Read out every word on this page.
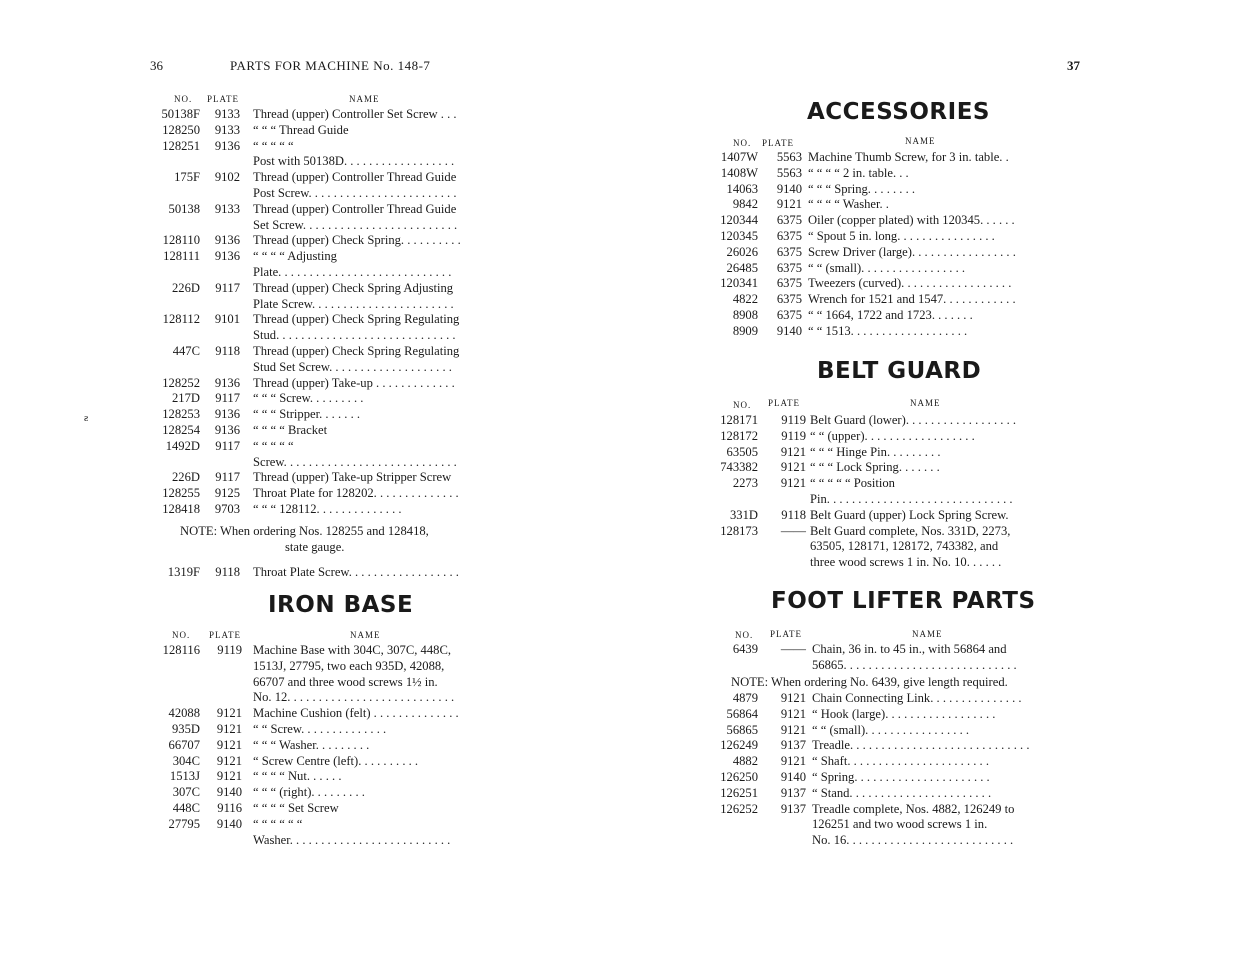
36	PARTS FOR MACHINE No. 148-7
NO. PLATE	NAME
50138F	9133 Thread (upper) Controller Set Screw . . .
128250	9133 “ “ “ Thread Guide
128251	9136 “ “ “ “ “
Post with 50138D. . . . . . . . . . . . . . . . . .
175F	9102 Thread (upper) Controller Thread Guide
Post Screw. . . . . . . . . . . . . . . . . . . . . . . .
50138	9133 Thread (upper) Controller Thread Guide
Set Screw. . . . . . . . . . . . . . . . . . . . . . . . .
128110	9136 Thread (upper) Check Spring. . . . . . . . . .
128111	9136 “ “ “ “ Adjusting
Plate. . . . . . . . . . . . . . . . . . . . . . . . . . . .
226D	9117 Thread (upper) Check Spring Adjusting
Plate Screw. . . . . . . . . . . . . . . . . . . . . . .
128112	9101 Thread (upper) Check Spring Regulating
Stud. . . . . . . . . . . . . . . . . . . . . . . . . . . . .
447C	9118 Thread (upper) Check Spring Regulating
Stud Set Screw. . . . . . . . . . . . . . . . . . . .
128252	9136 Thread (upper) Take-up . . . . . . . . . . . . .
217D	9117 “ “ “ Screw. . . . . . . . .
128253	9136 “ “ “ Stripper. . . . . . .
128254	9136 “ “ “ “ Bracket
1492D	9117 “ “ “ “ “
Screw. . . . . . . . . . . . . . . . . . . . . . . . . . . .
226D	9117 Thread (upper) Take-up Stripper Screw
128255	9125 Throat Plate for 128202. . . . . . . . . . . . . .
128418	9703 “ “ “ 128112. . . . . . . . . . . . . .
NOTE: When ordering Nos. 128255 and 128418,
state gauge.
1319F	9118 Throat Plate Screw. . . . . . . . . . . . . . . . . .
IRON BASE
NO. PLATE	NAME
128116	9119 Machine Base with 304C, 307C, 448C,
1513J, 27795, two each 935D, 42088,
66707 and three wood screws 1½ in.
No. 12. . . . . . . . . . . . . . . . . . . . . . . . . . .
42088	9121 Machine Cushion (felt) . . . . . . . . . . . . . .
935D	9121 “ “ Screw. . . . . . . . . . . . . .
66707	9121 “ “ “ Washer. . . . . . . . .
304C	9121 “ Screw Centre (left). . . . . . . . . .
1513J	9121 “ “ “ “ Nut. . . . . .
307C	9140 “ “ “ (right). . . . . . . . .
448C	9116 “ “ “ “ Set Screw
27795	9140 “ “ “ “ “ “
Washer. . . . . . . . . . . . . . . . . . . . . . . . . .
ƨ
37
ACCESSORIES
NO. PLATE	NAME
1407W	5563 Machine Thumb Screw, for 3 in. table. .
1408W	5563 “ “ “ “ 2 in. table. . .
14063	9140 “ “ “ Spring. . . . . . . .
9842	9121 “ “ “ “ Washer. .
120344	6375 Oiler (copper plated) with 120345. . . . . .
120345	6375 “ Spout 5 in. long. . . . . . . . . . . . . . . .
26026	6375 Screw Driver (large). . . . . . . . . . . . . . . . .
26485	6375 “ “ (small). . . . . . . . . . . . . . . . .
120341	6375 Tweezers (curved). . . . . . . . . . . . . . . . . .
4822	6375 Wrench for 1521 and 1547. . . . . . . . . . . .
8908	6375 “ “ 1664, 1722 and 1723. . . . . . .
8909	9140 “ “ 1513. . . . . . . . . . . . . . . . . . .
BELT GUARD
NO. PLATE	NAME
128171	9119 Belt Guard (lower). . . . . . . . . . . . . . . . . .
128172	9119 “ “ (upper). . . . . . . . . . . . . . . . . .
63505	9121 “ “ “ Hinge Pin. . . . . . . . .
743382	9121 “ “ “ Lock Spring. . . . . . .
2273	9121 “ “ “ “ “ Position
Pin. . . . . . . . . . . . . . . . . . . . . . . . . . . . . .
331D	9118 Belt Guard (upper) Lock Spring Screw.
128173	—— Belt Guard complete, Nos. 331D, 2273,
63505, 128171, 128172, 743382, and
three wood screws 1 in. No. 10. . . . . .
FOOT LIFTER PARTS
NO. PLATE	NAME
6439	—— Chain, 36 in. to 45 in., with 56864 and
56865. . . . . . . . . . . . . . . . . . . . . . . . . . . .
NOTE: When ordering No. 6439, give length required.
4879	9121 Chain Connecting Link. . . . . . . . . . . . . . .
56864	9121 “ Hook (large). . . . . . . . . . . . . . . . . .
56865	9121 “ “ (small). . . . . . . . . . . . . . . . .
126249	9137 Treadle. . . . . . . . . . . . . . . . . . . . . . . . . . . . .
4882	9121 “ Shaft. . . . . . . . . . . . . . . . . . . . . . .
126250	9140 “ Spring. . . . . . . . . . . . . . . . . . . . . .
126251	9137 “ Stand. . . . . . . . . . . . . . . . . . . . . . .
126252	9137 Treadle complete, Nos. 4882, 126249 to
126251 and two wood screws 1 in.
No. 16. . . . . . . . . . . . . . . . . . . . . . . . . . .
